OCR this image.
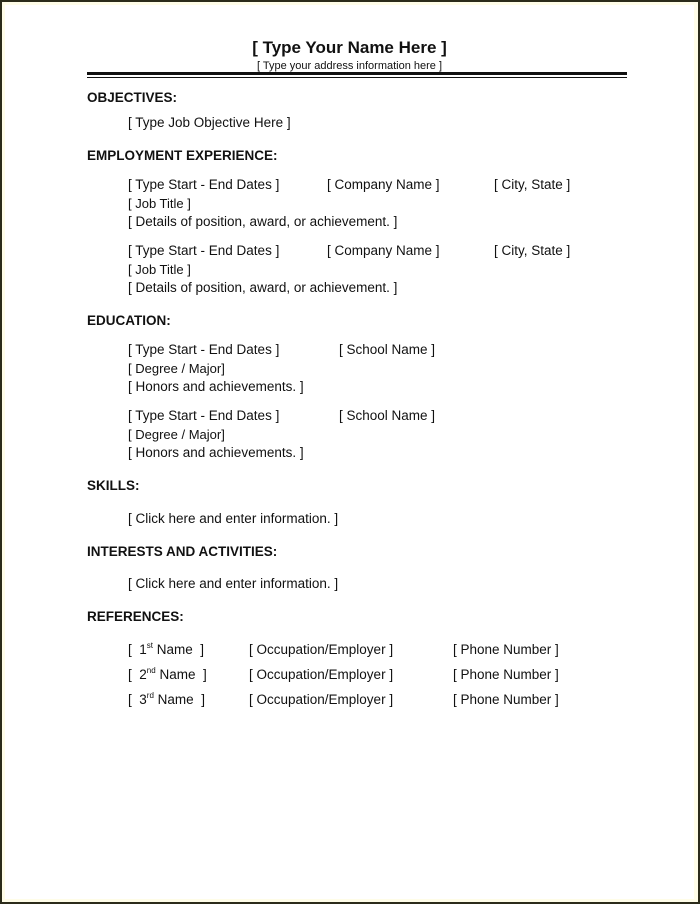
[ Type Your Name Here ]
[ Type your address information here ]
OBJECTIVES:
[ Type Job Objective Here ]
EMPLOYMENT EXPERIENCE:
[ Type Start - End Dates ]	[ Company Name ]	[ City, State ]
[ Job Title ]
[ Details of position, award, or achievement. ]
[ Type Start - End Dates ]	[ Company Name ]	[ City, State ]
[ Job Title ]
[ Details of position, award, or achievement. ]
EDUCATION:
[ Type Start - End Dates ]	[ School Name ]
[ Degree / Major]
[ Honors and achievements. ]
[ Type Start - End Dates ]	[ School Name ]
[ Degree / Major]
[ Honors and achievements. ]
SKILLS:
[ Click here and enter information. ]
INTERESTS AND ACTIVITIES:
[ Click here and enter information. ]
REFERENCES:
[  1st Name  ]	[ Occupation/Employer ]	[ Phone Number ]
[  2nd Name  ]	[ Occupation/Employer ]	[ Phone Number ]
[  3rd Name  ]	[ Occupation/Employer ]	[ Phone Number ]
